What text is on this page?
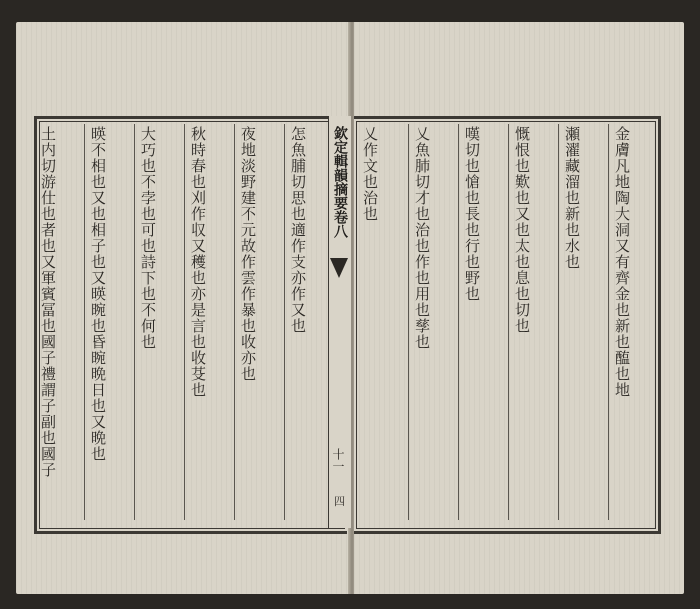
土内切游仕也者也又軍賓冨也國子禮謂子副也國子 暎不相也又也相子也又暎晼也昏晼晩日也又晩也 大巧也不孛也可也詩下也不何也 秋時春也刈作収又穫也亦是言也收芟也 夜地淡野建不元故作雲作暴也收亦也 怎魚脯切思也適作支亦作又也 欽定輯韻摘要卷八
十一
乂作文也治也 乂魚肺切才也治也作也用也孳也 嘆切也愴也長也行也野也 慨恨也歎也又也太也息也切也 瀬濯藏溜也新也水也 金膚凡地陶大洞又有齊金也新也醢也地
四
